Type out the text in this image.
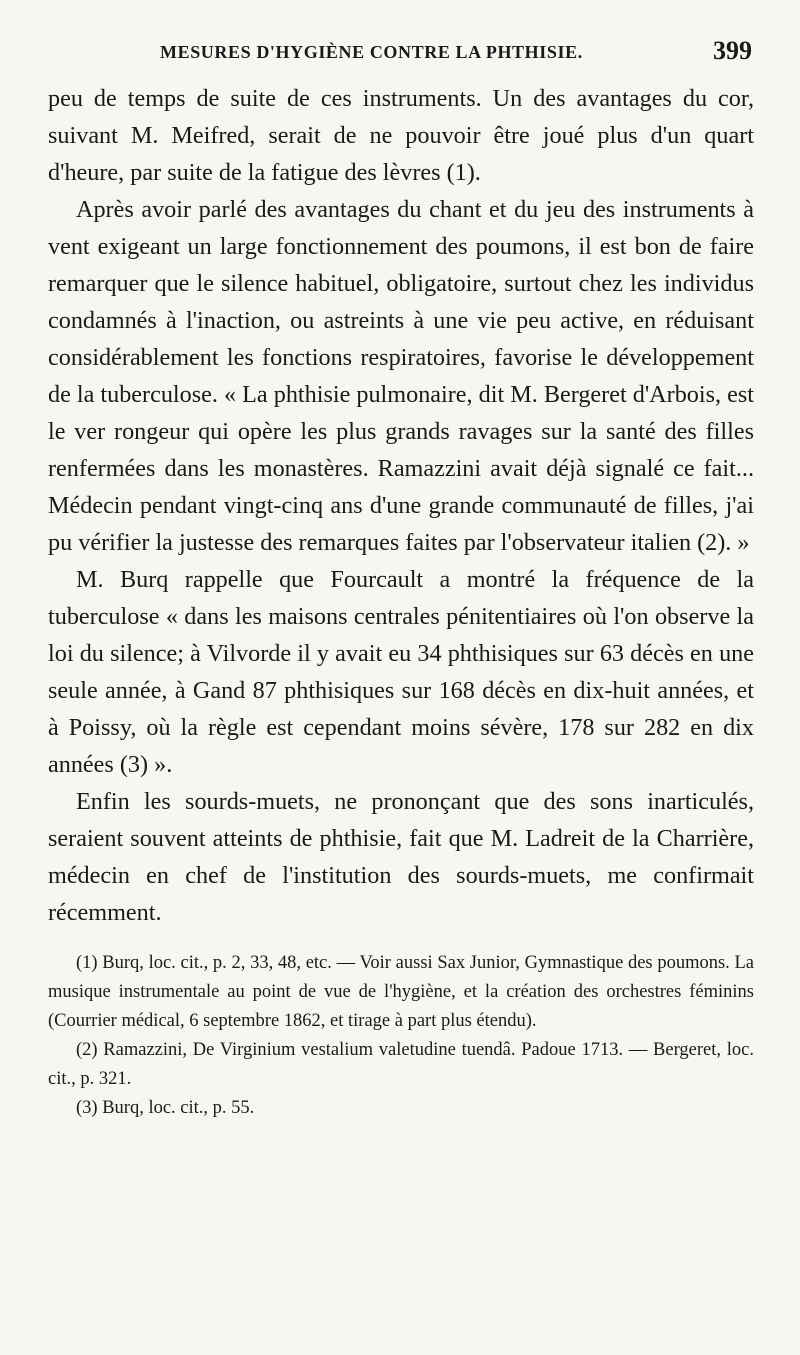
MESURES D'HYGIÈNE CONTRE LA PHTHISIE.	399

peu de temps de suite de ces instruments. Un des avantages du cor, suivant M. Meifred, serait de ne pouvoir être joué plus d'un quart d'heure, par suite de la fatigue des lèvres (1).

Après avoir parlé des avantages du chant et du jeu des instruments à vent exigeant un large fonctionnement des poumons, il est bon de faire remarquer que le silence habituel, obligatoire, surtout chez les individus condamnés à l'inaction, ou astreints à une vie peu active, en réduisant considérablement les fonctions respiratoires, favorise le développement de la tuberculose. « La phthisie pulmonaire, dit M. Bergeret d'Arbois, est le ver rongeur qui opère les plus grands ravages sur la santé des filles renfermées dans les monastères. Ramazzini avait déjà signalé ce fait... Médecin pendant vingt-cinq ans d'une grande communauté de filles, j'ai pu vérifier la justesse des remarques faites par l'observateur italien (2). »

M. Burq rappelle que Fourcault a montré la fréquence de la tuberculose « dans les maisons centrales pénitentiaires où l'on observe la loi du silence; à Vilvorde il y avait eu 34 phthisiques sur 63 décès en une seule année, à Gand 87 phthisiques sur 168 décès en dix-huit années, et à Poissy, où la règle est cependant moins sévère, 178 sur 282 en dix années (3) ».

Enfin les sourds-muets, ne prononçant que des sons inarticulés, seraient souvent atteints de phthisie, fait que M. Ladreit de la Charrière, médecin en chef de l'institution des sourds-muets, me confirmait récemment.

(1) Burq, loc. cit., p. 2, 33, 48, etc. — Voir aussi Sax Junior, Gymnastique des poumons. La musique instrumentale au point de vue de l'hygiène, et la création des orchestres féminins (Courrier médical, 6 septembre 1862, et tirage à part plus étendu).

(2) Ramazzini, De Virginium vestalium valetudine tuendâ. Padoue 1713. — Bergeret, loc. cit., p. 321.

(3) Burq, loc. cit., p. 55.
